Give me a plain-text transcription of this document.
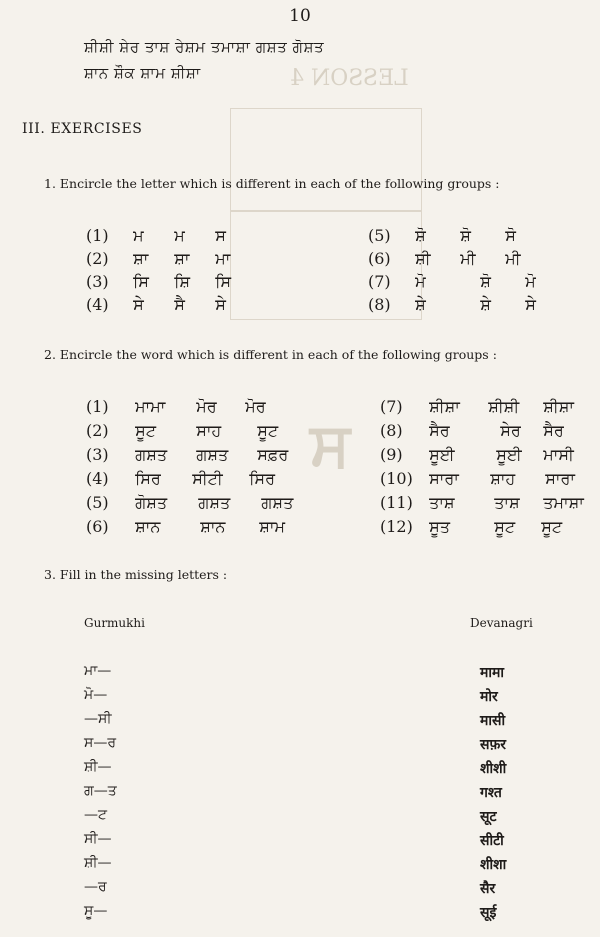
LESSON 4
ਸ
10
ਸ਼ੀਸ਼ੀ ਸ਼ੇਰ ਤਾਸ਼ ਰੇਸ਼ਮ ਤਮਾਸ਼ਾ ਗਸ਼ਤ ਗੋਸ਼ਤ
ਸ਼ਾਨ ਸ਼ੌਕ ਸ਼ਾਮ ਸ਼ੀਸ਼ਾ
III. EXERCISES
1. Encircle the letter which is different in each of the following groups :
(1) ਮ ਮ ਸ
(2) ਸ਼ਾ ਸ਼ਾ ਮਾ
(3) ਸਿ ਸ਼ਿ ਸਿ
(4) ਸੇ ਸੈ ਸੇ
(5) ਸ਼ੋ ਸ਼ੋ ਸੋ
(6) ਸ਼ੀ ਮੀ ਮੀ
(7) ਮੋ	ਸ਼ੋ ਮੋ
(8) ਸ਼ੇ	ਸ਼ੇ ਸੇ
2. Encircle the word which is different in each of the following groups :
(1) ਮਾਮਾ ਮੋਰ ਮੋਰ
(2) ਸੂਟ	ਸਾਹ ਸੂਟ
(3) ਗਸ਼ਤ ਗਸ਼ਤ ਸਫ਼ਰ
(4) ਸਿਰ ਸੀਟੀ ਸਿਰ
(5) ਗੋਸ਼ਤ ਗਸ਼ਤ ਗਸ਼ਤ
(6) ਸ਼ਾਨ ਸ਼ਾਨ ਸ਼ਾਮ
(7) ਸ਼ੀਸ਼ਾ ਸ਼ੀਸ਼ੀ ਸ਼ੀਸ਼ਾ
(8) ਸੈਰ	ਸੇਰ ਸੈਰ
(9) ਸੂਈ	ਸੂਈ ਮਾਸੀ
(10) ਸਾਰਾ ਸ਼ਾਹ ਸਾਰਾ
(11) ਤਾਸ਼ ਤਾਸ਼ ਤਮਾਸ਼ਾ
(12) ਸੂਤ	ਸੂਟ ਸੂਟ
3. Fill in the missing letters :
Gurmukhi	Devanagri
ਮਾ—	मामा
ਮੋ—	मोर
—ਸੀ	मासी
ਸ—ਰ	सफ़र
ਸ਼ੀ—	शीशी
ਗ—ਤ	गश्त
—ਟ	सूट
ਸੀ—	सीटी
ਸ਼ੀ—	शीशा
—ਰ	सैर
ਸੂ—	सूई
